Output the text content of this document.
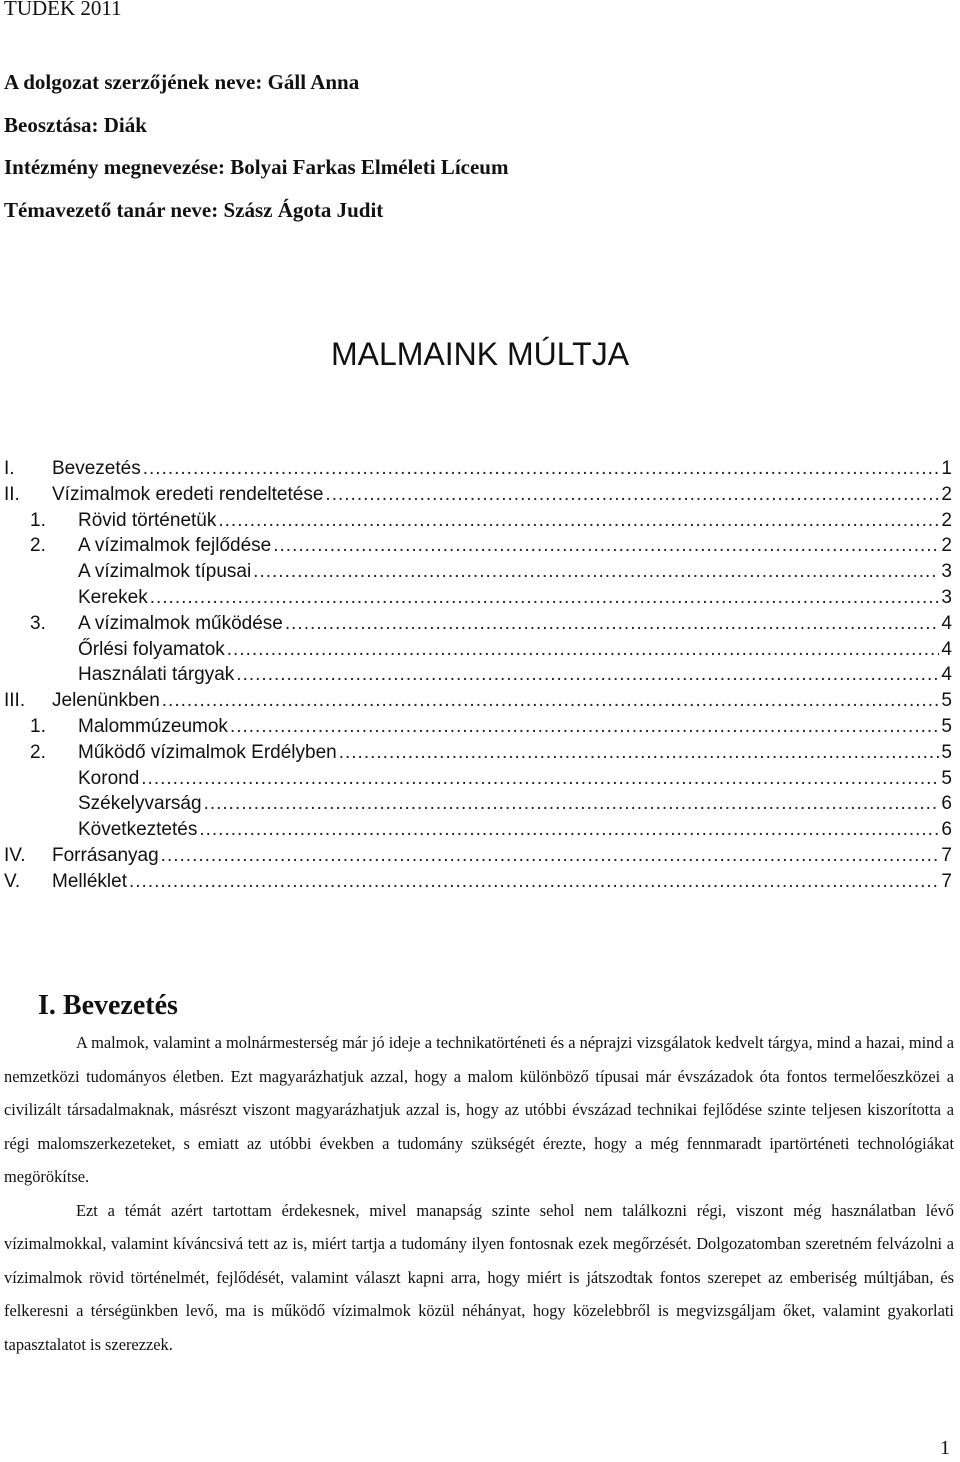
TUDEK 2011
A dolgozat szerzőjének neve: Gáll Anna
Beosztása: Diák
Intézmény megnevezése: Bolyai Farkas Elméleti Líceum
Témavezető tanár neve: Szász Ágota Judit
MALMAINK MÚLTJA
I. Bevezetés .....	1
II. Vízimalmok eredeti rendeltetése .....	2
1. Rövid történetük .....	2
2. A vízimalmok fejlődése .....	2
A vízimalmok típusai .....	3
Kerekek .....	3
3. A vízimalmok működése .....	4
Őrlési folyamatok .....	4
Használati tárgyak .....	4
III. Jelenünkben .....	5
1. Malommúzeumok .....	5
2. Működő vízimalmok Erdélyben .....	5
Korond .....	5
Székelyvarság .....	6
Következtetés .....	6
IV. Forrásanyag .....	7
V. Melléklet .....	7
I. Bevezetés

A malmok, valamint a molnármesterség már jó ideje a technikatörténeti és a néprajzi vizsgálatok kedvelt tárgya, mind a hazai, mind a nemzetközi tudományos életben. Ezt magyarázhatjuk azzal, hogy a malom különböző típusai már évszázadok óta fontos termelőeszközei a civilizált társadalmaknak, másrészt viszont magyarázhatjuk azzal is, hogy az utóbbi évszázad technikai fejlődése szinte teljesen kiszorította a régi malomszerkezeteket, s emiatt az utóbbi években a tudomány szükségét érezte, hogy a még fennmaradt ipartörténeti technológiákat megörökítse.

Ezt a témát azért tartottam érdekesnek, mivel manapság szinte sehol nem találkozni régi, viszont még használatban lévő vízimalmokkal, valamint kíváncsivá tett az is, miért tartja a tudomány ilyen fontosnak ezek megőrzését. Dolgozatomban szeretném felvázolni a vízimalmok rövid történelmét, fejlődését, valamint választ kapni arra, hogy miért is játszodtak fontos szerepet az emberiség múltjában, és felkeresni a térségünkben levő, ma is működő vízimalmok közül néhányat, hogy közelebbről is megvizsgáljam őket, valamint gyakorlati tapasztalatot is szerezzek.

1
